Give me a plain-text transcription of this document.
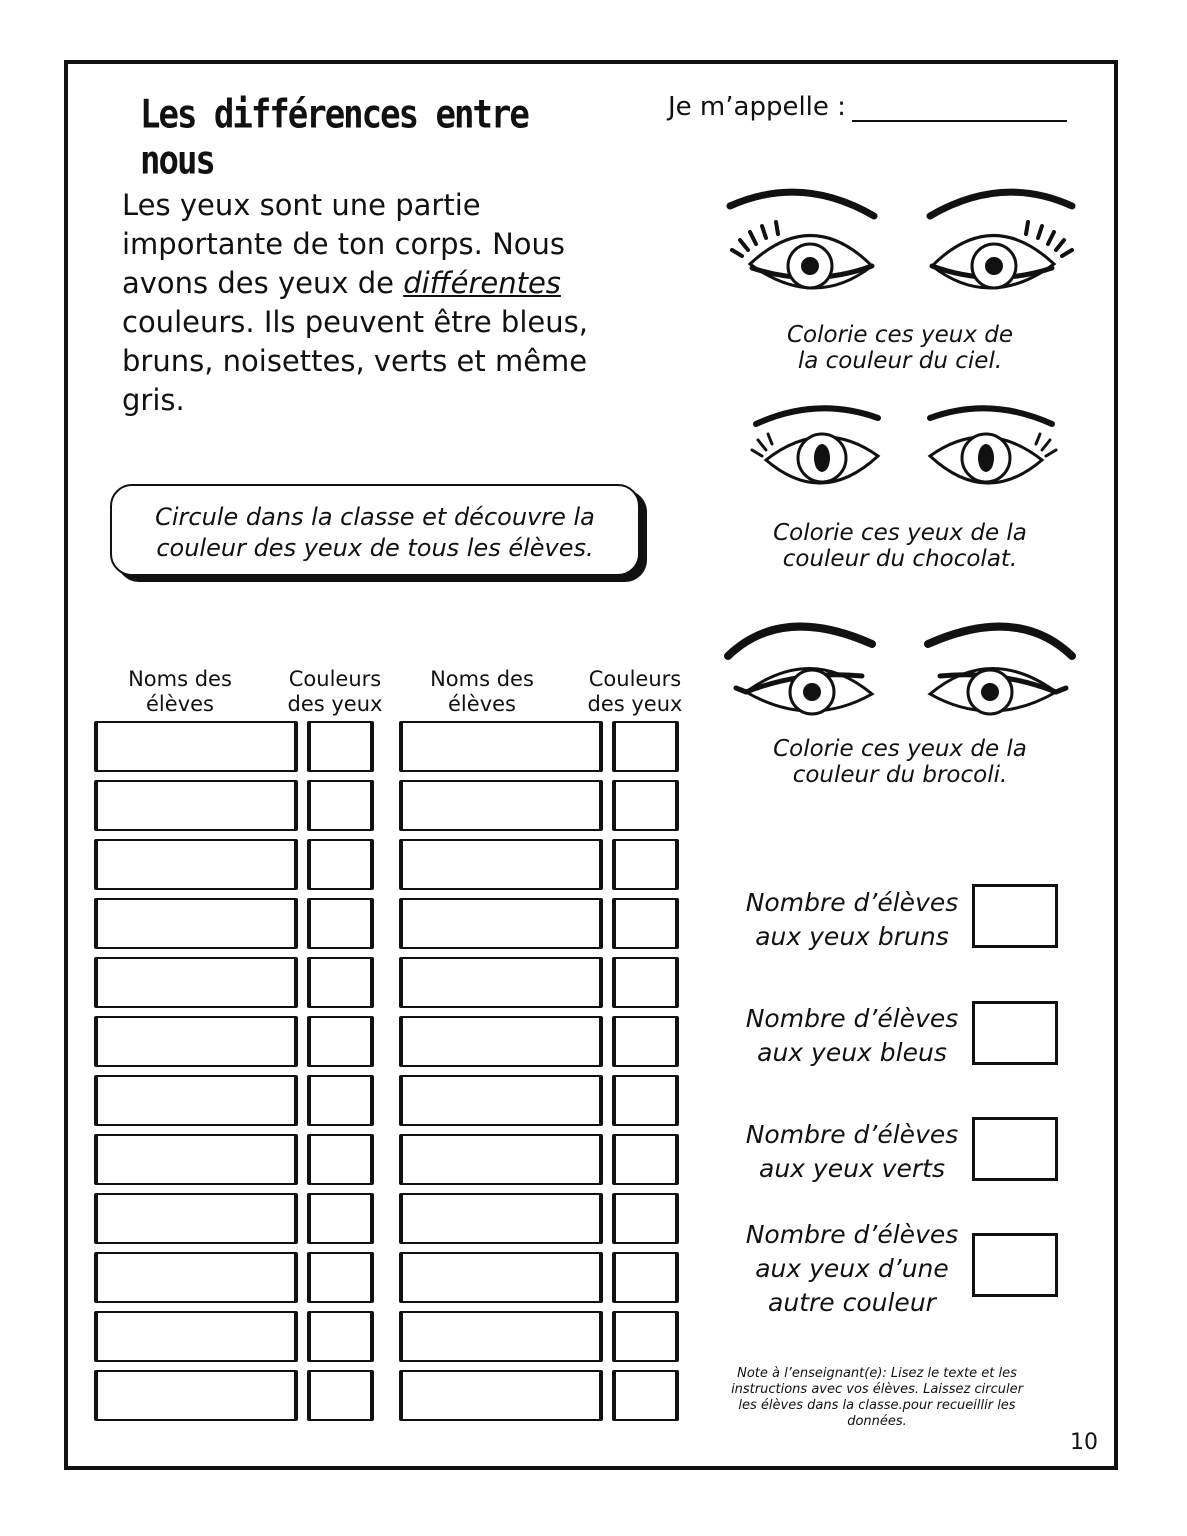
Les différences entre nous
Je m’appelle :
Les yeux sont une partie importante de ton corps. Nous avons des yeux de différentes couleurs. Ils peuvent être bleus, bruns, noisettes, verts et même gris.
Circule dans la classe et découvre la
couleur des yeux de tous les élèves.
Noms des
élèves
Couleurs
des yeux
Noms des
élèves
Couleurs
des yeux
Colorie ces yeux de
la couleur du ciel.
Colorie ces yeux de la
couleur du chocolat.
Colorie ces yeux de la
couleur du brocoli.
Nombre d’élèves
aux yeux bruns
Nombre d’élèves
aux yeux bleus
Nombre d’élèves
aux yeux verts
Nombre d’élèves
aux yeux d’une
autre couleur
Note à l’enseignant(e): Lisez le texte et les instructions avec vos élèves. Laissez circuler les élèves dans la classe.pour recueillir les données.
10
